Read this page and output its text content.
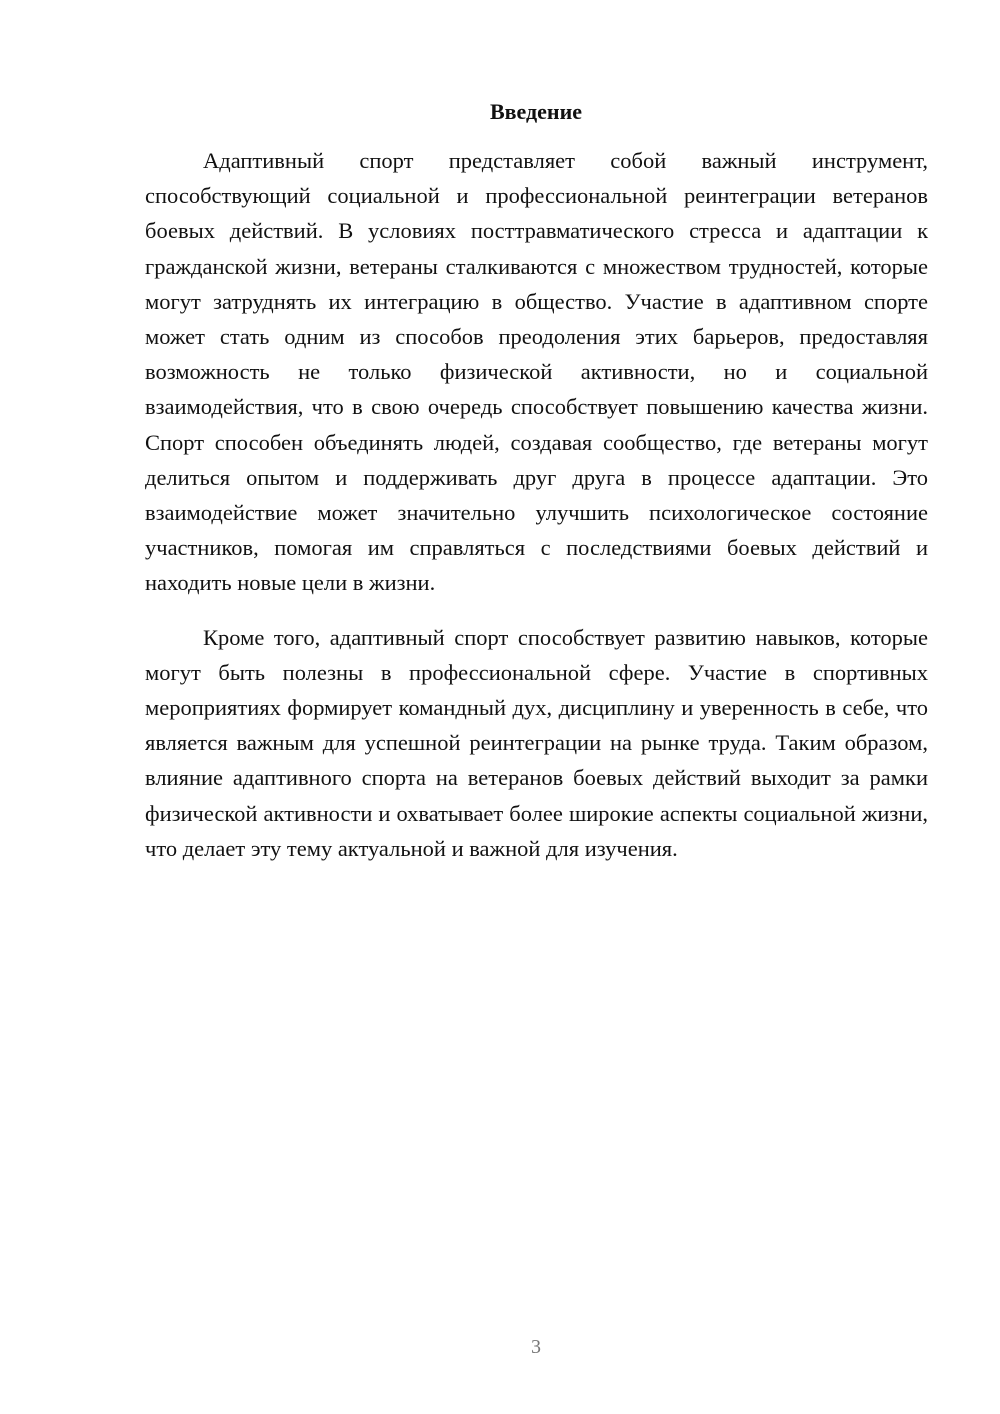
Введение

Адаптивный спорт представляет собой важный инструмент, способствующий социальной и профессиональной реинтеграции ветеранов боевых действий. В условиях посттравматического стресса и адаптации к гражданской жизни, ветераны сталкиваются с множеством трудностей, которые могут затруднять их интеграцию в общество. Участие в адаптивном спорте может стать одним из способов преодоления этих барьеров, предоставляя возможность не только физической активности, но и социальной взаимодействия, что в свою очередь способствует повышению качества жизни. Спорт способен объединять людей, создавая сообщество, где ветераны могут делиться опытом и поддерживать друг друга в процессе адаптации. Это взаимодействие может значительно улучшить психологическое состояние участников, помогая им справляться с последствиями боевых действий и находить новые цели в жизни.

Кроме того, адаптивный спорт способствует развитию навыков, которые могут быть полезны в профессиональной сфере. Участие в спортивных мероприятиях формирует командный дух, дисциплину и уверенность в себе, что является важным для успешной реинтеграции на рынке труда. Таким образом, влияние адаптивного спорта на ветеранов боевых действий выходит за рамки физической активности и охватывает более широкие аспекты социальной жизни, что делает эту тему актуальной и важной для изучения.

3
